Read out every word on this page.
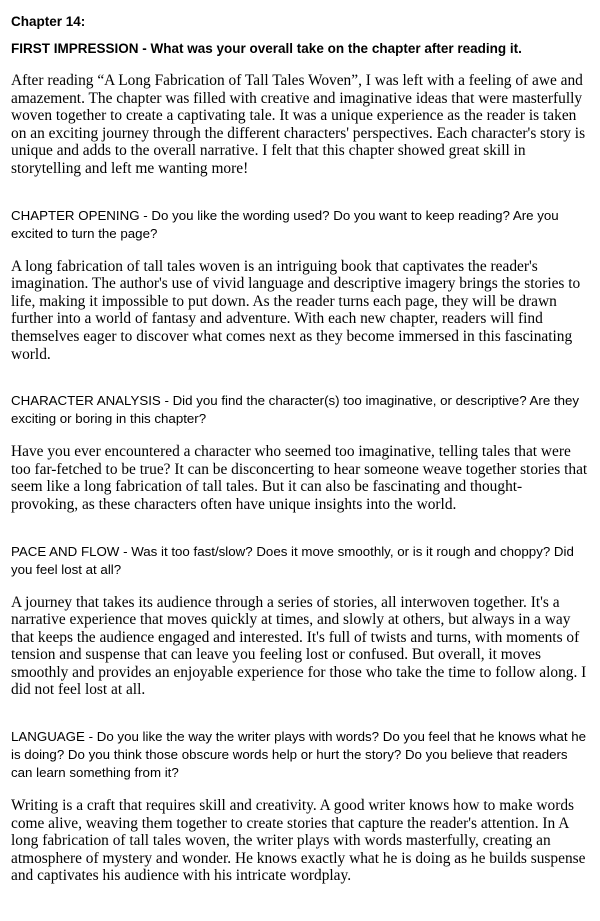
Chapter 14:
FIRST IMPRESSION - What was your overall take on the chapter after reading it.

After reading “A Long Fabrication of Tall Tales Woven”, I was left with a feeling of awe and amazement. The chapter was filled with creative and imaginative ideas that were masterfully woven together to create a captivating tale. It was a unique experience as the reader is taken on an exciting journey through the different characters' perspectives. Each character's story is unique and adds to the overall narrative. I felt that this chapter showed great skill in storytelling and left me wanting more!

CHAPTER OPENING - Do you like the wording used? Do you want to keep reading? Are you excited to turn the page?

A long fabrication of tall tales woven is an intriguing book that captivates the reader's imagination. The author's use of vivid language and descriptive imagery brings the stories to life, making it impossible to put down. As the reader turns each page, they will be drawn further into a world of fantasy and adventure. With each new chapter, readers will find themselves eager to discover what comes next as they become immersed in this fascinating world.

CHARACTER ANALYSIS - Did you find the character(s) too imaginative, or descriptive? Are they exciting or boring in this chapter?

Have you ever encountered a character who seemed too imaginative, telling tales that were too far-fetched to be true? It can be disconcerting to hear someone weave together stories that seem like a long fabrication of tall tales. But it can also be fascinating and thought-provoking, as these characters often have unique insights into the world.

PACE AND FLOW - Was it too fast/slow? Does it move smoothly, or is it rough and choppy? Did you feel lost at all?

A journey that takes its audience through a series of stories, all interwoven together. It's a narrative experience that moves quickly at times, and slowly at others, but always in a way that keeps the audience engaged and interested. It's full of twists and turns, with moments of tension and suspense that can leave you feeling lost or confused. But overall, it moves smoothly and provides an enjoyable experience for those who take the time to follow along. I did not feel lost at all.

LANGUAGE - Do you like the way the writer plays with words? Do you feel that he knows what he is doing? Do you think those obscure words help or hurt the story? Do you believe that readers can learn something from it?

Writing is a craft that requires skill and creativity. A good writer knows how to make words come alive, weaving them together to create stories that capture the reader's attention. In A long fabrication of tall tales woven, the writer plays with words masterfully, creating an atmosphere of mystery and wonder. He knows exactly what he is doing as he builds suspense and captivates his audience with his intricate wordplay.
